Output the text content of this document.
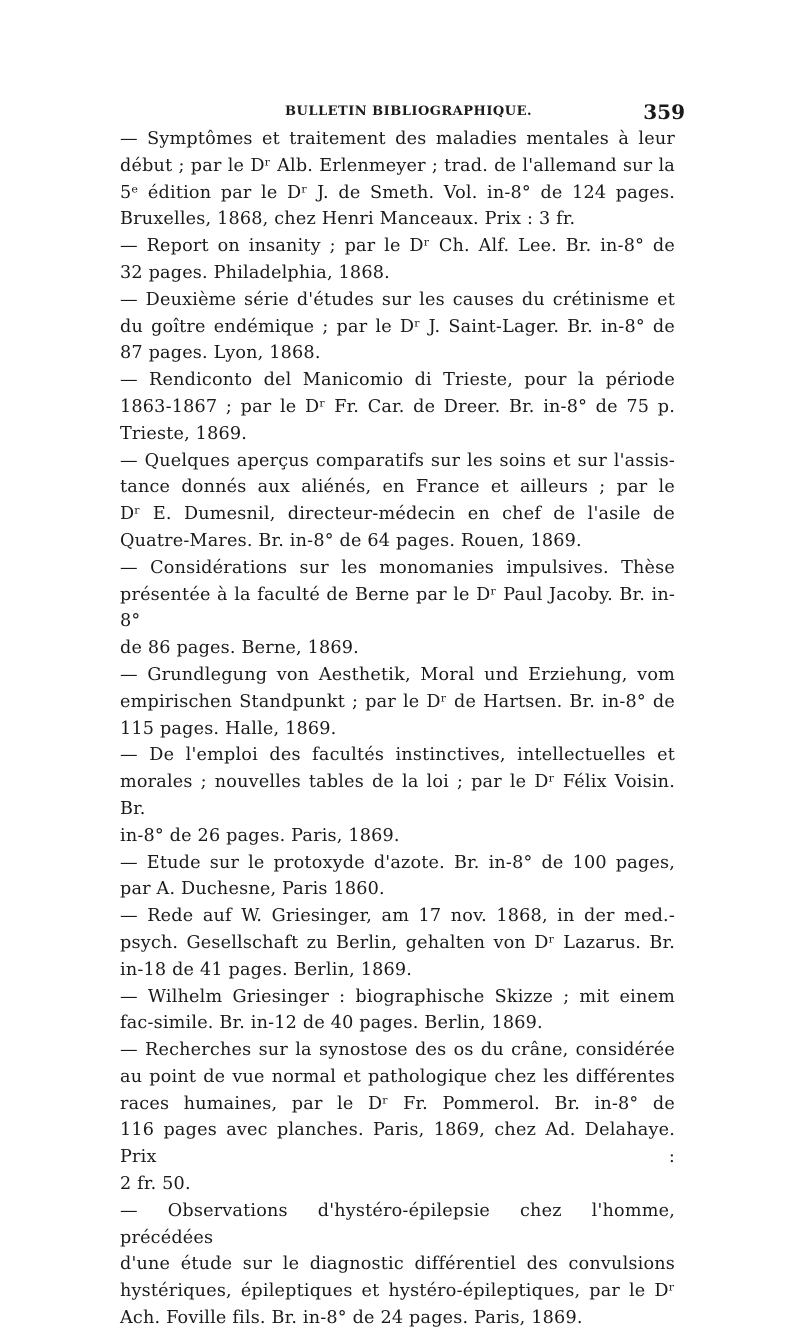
BULLETIN BIBLIOGRAPHIQUE.	359
— Symptômes et traitement des maladies mentales à leur
début ; par le Dʳ Alb. Erlenmeyer ; trad. de l'allemand sur la
5ᵉ édition par le Dʳ J. de Smeth. Vol. in-8° de 124 pages.
Bruxelles, 1868, chez Henri Manceaux. Prix : 3 fr.
— Report on insanity ; par le Dʳ Ch. Alf. Lee. Br. in-8° de
32 pages. Philadelphia, 1868.
— Deuxième série d'études sur les causes du crétinisme et
du goître endémique ; par le Dʳ J. Saint-Lager. Br. in-8° de
87 pages. Lyon, 1868.
— Rendiconto del Manicomio di Trieste, pour la période
1863-1867 ; par le Dʳ Fr. Car. de Dreer. Br. in-8° de 75 p.
Trieste, 1869.
— Quelques aperçus comparatifs sur les soins et sur l'assis-
tance donnés aux aliénés, en France et ailleurs ; par le
Dʳ E. Dumesnil, directeur-médecin en chef de l'asile de
Quatre-Mares. Br. in-8° de 64 pages. Rouen, 1869.
— Considérations sur les monomanies impulsives. Thèse
présentée à la faculté de Berne par le Dʳ Paul Jacoby. Br. in-8°
de 86 pages. Berne, 1869.
— Grundlegung von Aesthetik, Moral und Erziehung, vom
empirischen Standpunkt ; par le Dʳ de Hartsen. Br. in-8° de
115 pages. Halle, 1869.
— De l'emploi des facultés instinctives, intellectuelles et
morales ; nouvelles tables de la loi ; par le Dʳ Félix Voisin. Br.
in-8° de 26 pages. Paris, 1869.
— Etude sur le protoxyde d'azote. Br. in-8° de 100 pages,
par A. Duchesne, Paris 1860.
— Rede auf W. Griesinger, am 17 nov. 1868, in der med.-
psych. Gesellschaft zu Berlin, gehalten von Dʳ Lazarus. Br.
in-18 de 41 pages. Berlin, 1869.
— Wilhelm Griesinger : biographische Skizze ; mit einem
fac-simile. Br. in-12 de 40 pages. Berlin, 1869.
— Recherches sur la synostose des os du crâne, considérée
au point de vue normal et pathologique chez les différentes
races humaines, par le Dʳ Fr. Pommerol. Br. in-8° de
116 pages avec planches. Paris, 1869, chez Ad. Delahaye. Prix :
2 fr. 50.
— Observations d'hystéro-épilepsie chez l'homme, précédées
d'une étude sur le diagnostic différentiel des convulsions
hystériques, épileptiques et hystéro-épileptiques, par le Dʳ
Ach. Foville fils. Br. in-8° de 24 pages. Paris, 1869.
